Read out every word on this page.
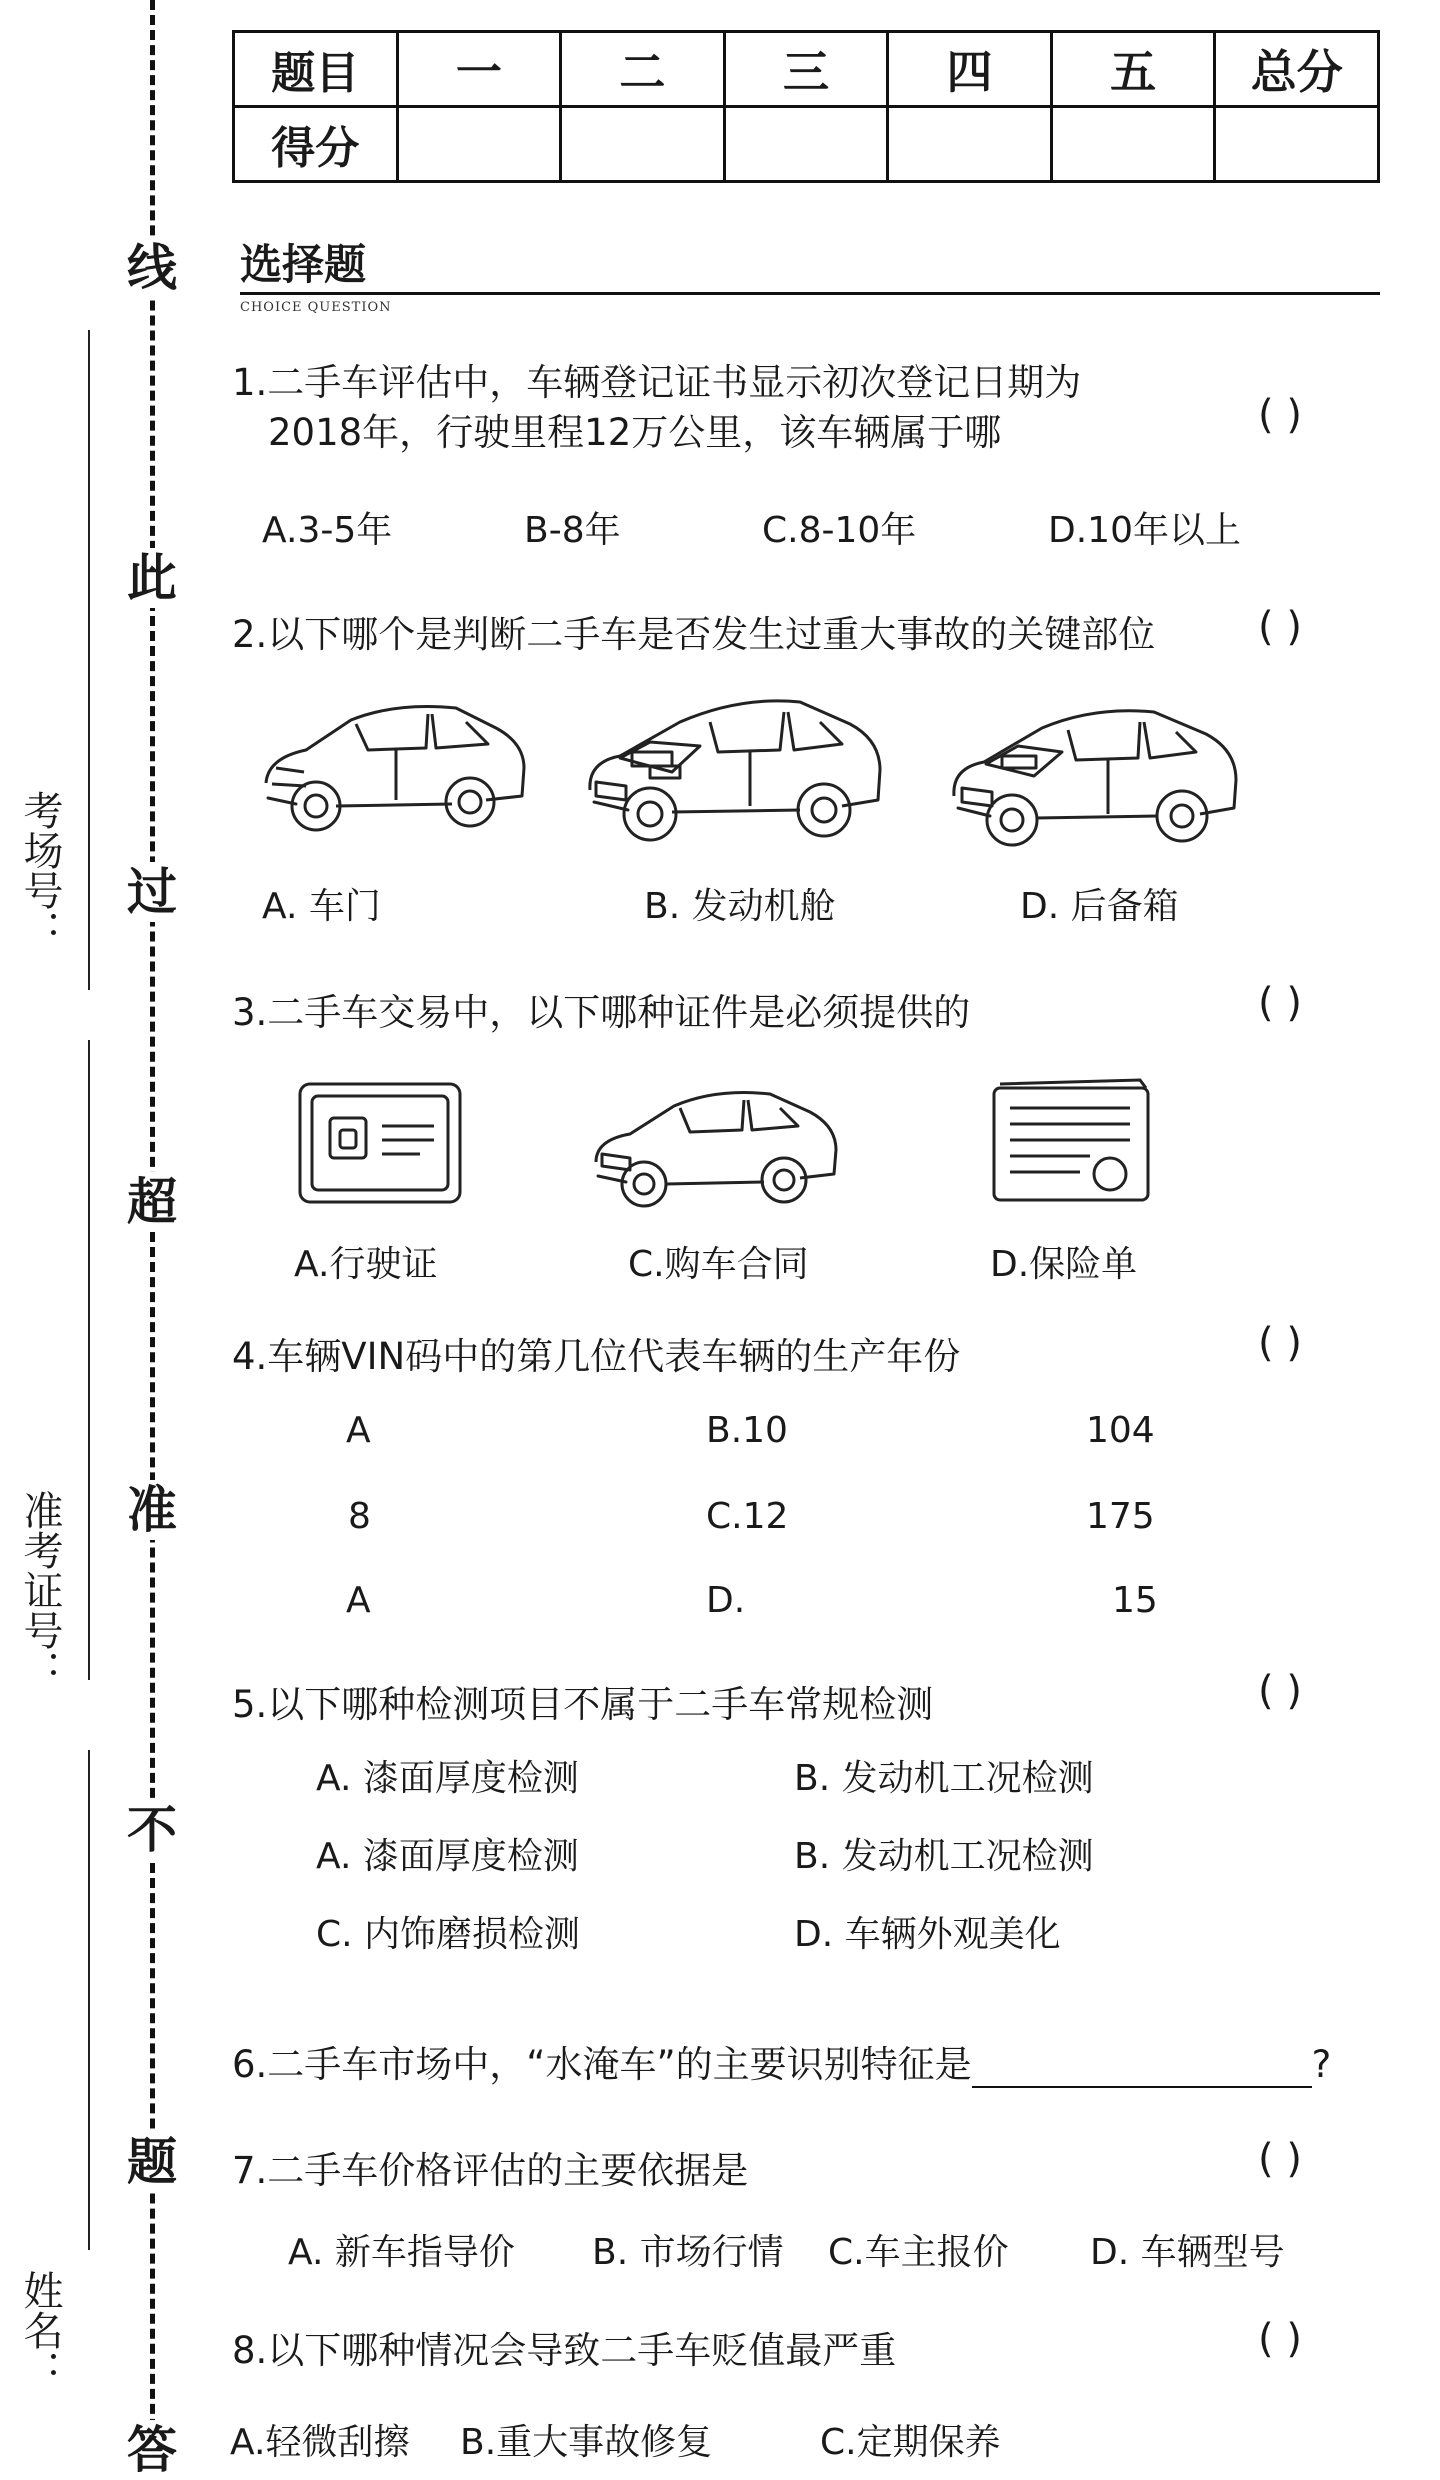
线
此
过
超
准
不
题
答
考场号：
准考证号：
姓名：
题目	一	二	三	四	五	总分
得分						
选择题
CHOICE QUESTION
1.二手车评估中，车辆登记证书显示初次登记日期为
2018年，行驶里程12万公里，该车辆属于哪	( )
A.3-5年	B-8年	C.8-10年	D.10年以上
2.以下哪个是判断二手车是否发生过重大事故的关键部位	( )
A. 车门	B. 发动机舱	D. 后备箱
3.二手车交易中，以下哪种证件是必须提供的	( )
A.行驶证	C.购车合同	D.保险单
4.车辆VIN码中的第几位代表车辆的生产年份	( )
A	B.10	104
8	C.12	175
A	D.	15
5.以下哪种检测项目不属于二手车常规检测	( )
A. 漆面厚度检测	B. 发动机工况检测
A. 漆面厚度检测	B. 发动机工况检测
C. 内饰磨损检测	D. 车辆外观美化
6.二手车市场中，“水淹车”的主要识别特征是	?
7.二手车价格评估的主要依据是	( )
A. 新车指导价 B. 市场行情 C.车主报价 D. 车辆型号
8.以下哪种情况会导致二手车贬值最严重	( )
A.轻微刮擦 B.重大事故修复	C.定期保养
